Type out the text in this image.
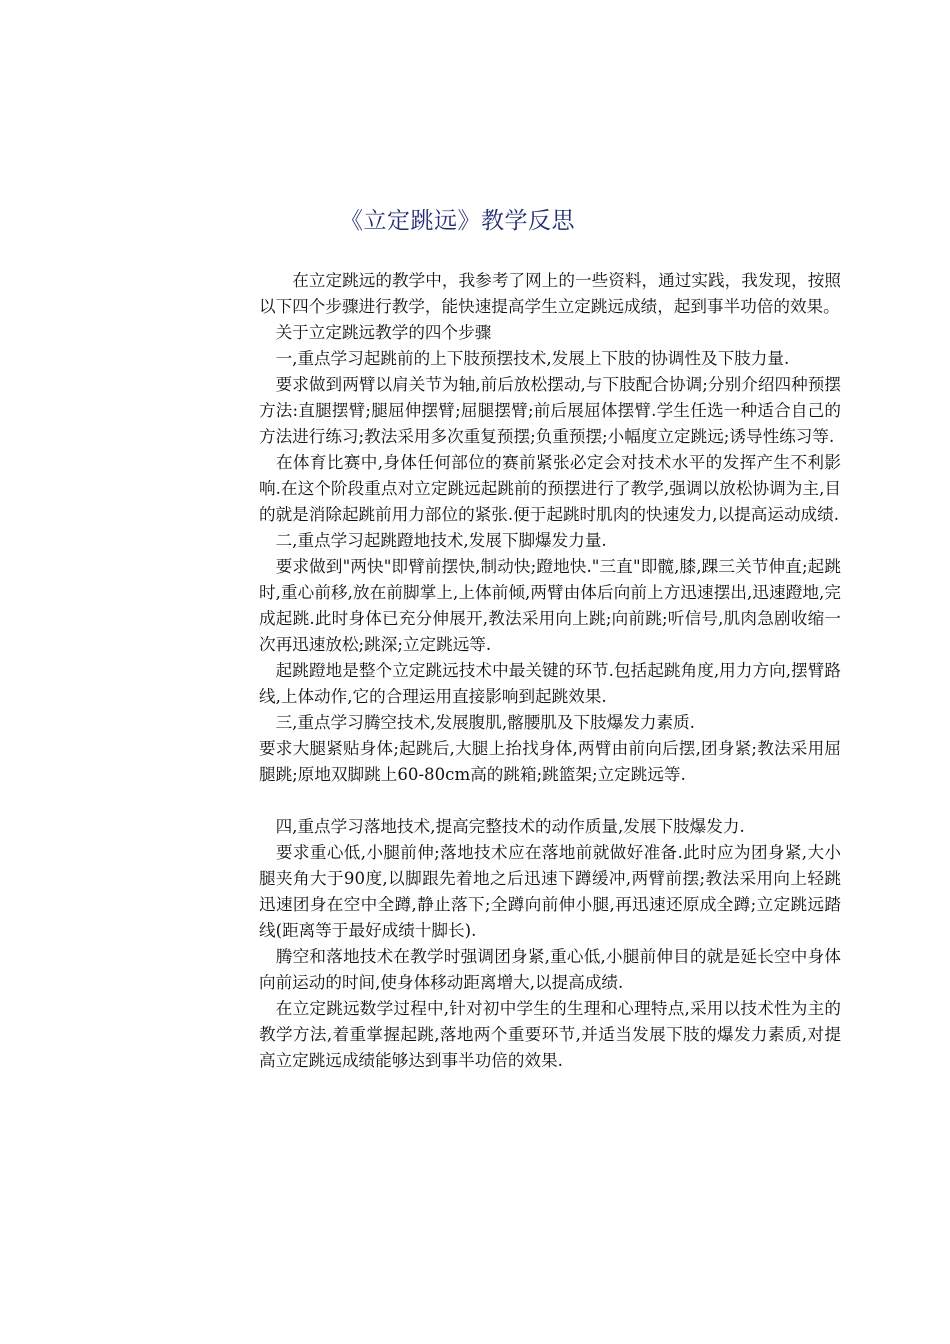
《立定跳远》教学反思

　　在立定跳远的教学中，我参考了网上的一些资料，通过实践，我发现，按照以下四个步骤进行教学，能快速提高学生立定跳远成绩，起到事半功倍的效果。

　关于立定跳远教学的四个步骤

　一,重点学习起跳前的上下肢预摆技术,发展上下肢的协调性及下肢力量.

　要求做到两臂以肩关节为轴,前后放松摆动,与下肢配合协调;分别介绍四种预摆方法:直腿摆臂;腿屈伸摆臂;屈腿摆臂;前后展屈体摆臂.学生任选一种适合自己的方法进行练习;教法采用多次重复预摆;负重预摆;小幅度立定跳远;诱导性练习等.

　在体育比赛中,身体任何部位的赛前紧张必定会对技术水平的发挥产生不利影响.在这个阶段重点对立定跳远起跳前的预摆进行了教学,强调以放松协调为主,目的就是消除起跳前用力部位的紧张.便于起跳时肌肉的快速发力,以提高运动成绩.

　二,重点学习起跳蹬地技术,发展下脚爆发力量.

　要求做到"两快"即臂前摆快,制动快;蹬地快."三直"即髋,膝,踝三关节伸直;起跳时,重心前移,放在前脚掌上,上体前倾,两臂由体后向前上方迅速摆出,迅速蹬地,完成起跳.此时身体已充分伸展开,教法采用向上跳;向前跳;听信号,肌肉急剧收缩一次再迅速放松;跳深;立定跳远等.

　起跳蹬地是整个立定跳远技术中最关键的环节.包括起跳角度,用力方向,摆臂路线,上体动作,它的合理运用直接影响到起跳效果.

　三,重点学习腾空技术,发展腹肌,髂腰肌及下肢爆发力素质.

要求大腿紧贴身体;起跳后,大腿上抬找身体,两臂由前向后摆,团身紧;教法采用屈腿跳;原地双脚跳上60-80cm高的跳箱;跳篮架;立定跳远等.

　四,重点学习落地技术,提高完整技术的动作质量,发展下肢爆发力.

　要求重心低,小腿前伸;落地技术应在落地前就做好准备.此时应为团身紧,大小腿夹角大于90度,以脚跟先着地之后迅速下蹲缓冲,两臂前摆;教法采用向上轻跳迅速团身在空中全蹲,静止落下;全蹲向前伸小腿,再迅速还原成全蹲;立定跳远踏线(距离等于最好成绩十脚长).

　腾空和落地技术在教学时强调团身紧,重心低,小腿前伸目的就是延长空中身体向前运动的时间,使身体移动距离增大,以提高成绩.

　在立定跳远数学过程中,针对初中学生的生理和心理特点,采用以技术性为主的教学方法,着重掌握起跳,落地两个重要环节,并适当发展下肢的爆发力素质,对提高立定跳远成绩能够达到事半功倍的效果.
